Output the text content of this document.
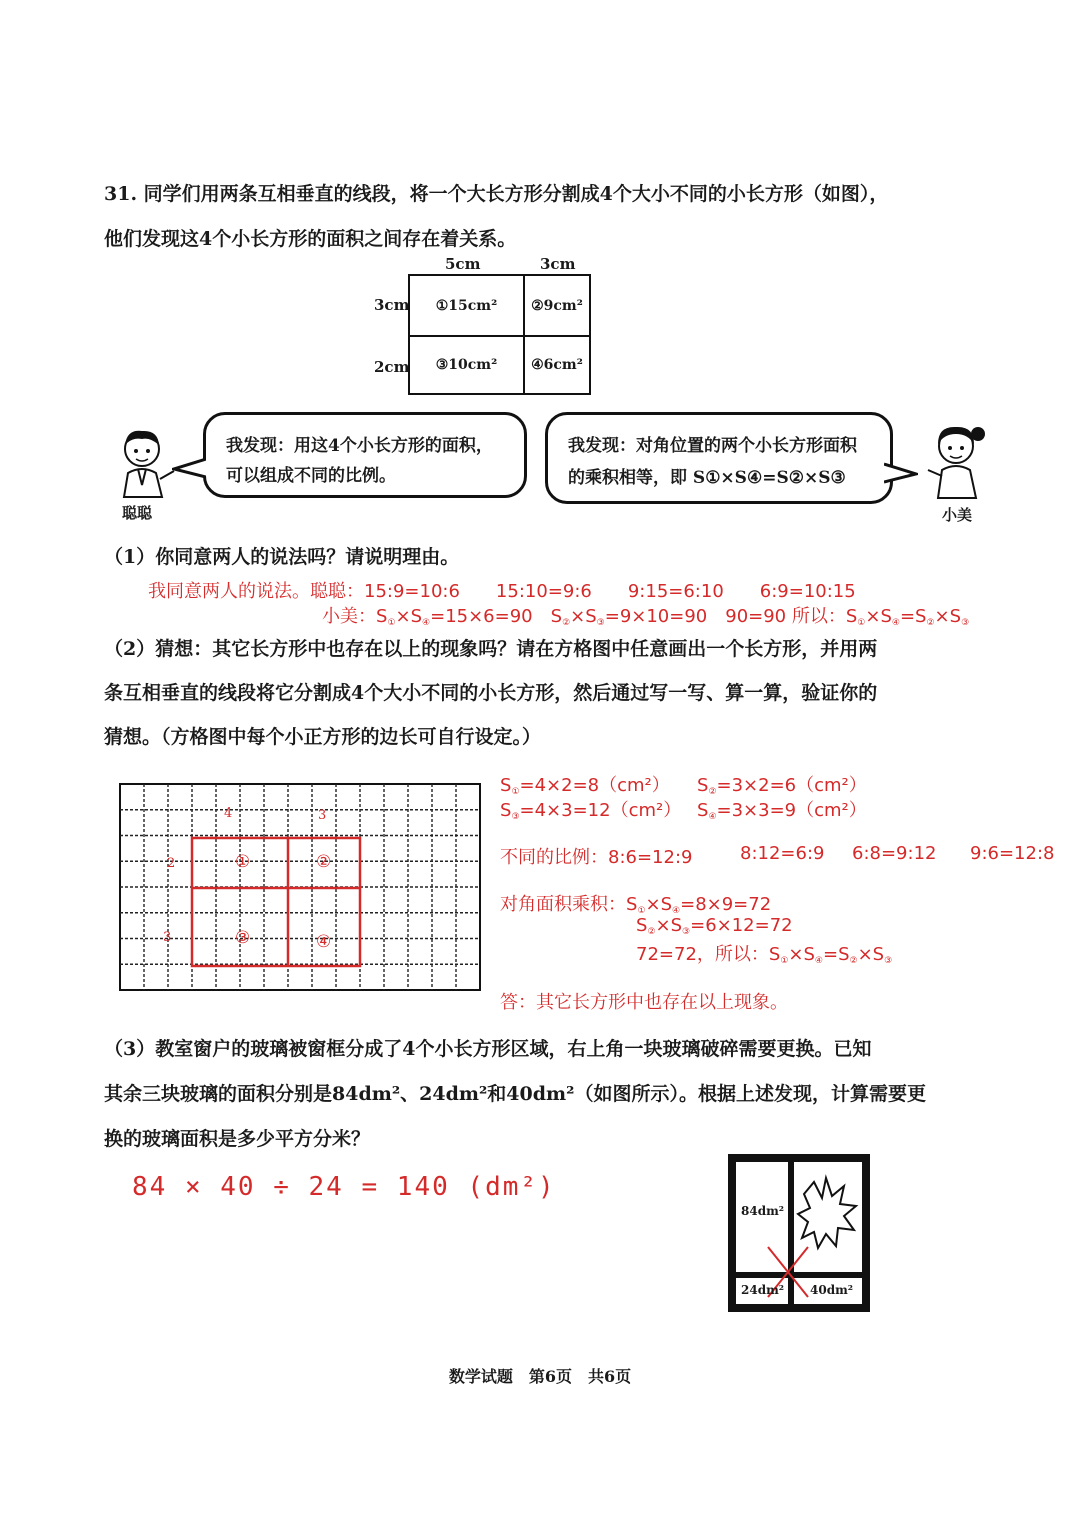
31. 同学们用两条互相垂直的线段，将一个大长方形分割成4个大小不同的小长方形（如图），
他们发现这4个小长方形的面积之间存在着关系。
5cm	3cm
3cm
2cm
①15cm²	②9cm²
③10cm²	④6cm²
聪聪
我发现：用这4个小长方形的面积，
可以组成不同的比例。
我发现：对角位置的两个小长方形面积
的乘积相等，即 S①×S④=S②×S③
小美
（1）你同意两人的说法吗？请说明理由。
我同意两人的说法。聪聪：15:9=10:6　　15:10=9:6　　9:15=6:10　　6:9=10:15
小美：$S_①\times S_④=15\times 6=90$　$S_②\times S_③=9\times 10=90$　90=90 所以：$S_①\times S_④=S_②\times S_③$
（2）猜想：其它长方形中也存在以上的现象吗？请在方格图中任意画出一个长方形，并用两
条互相垂直的线段将它分割成4个大小不同的小长方形，然后通过写一写、算一算，验证你的
猜想。（方格图中每个小正方形的边长可自行设定。）
4	3
2
3
①	②
③	④
$S_①=4\times 2=8(cm^2)$ $S_②=3\times 2=6(cm^2)$
$S_③=4\times 3=12(cm^2)$ $S_④=3\times 3=9(cm^2)$
不同的比例：8:6=12:9	8:12=6:9 6:8=9:12 9:6=12:8
对角面积乘积：$S_①\times S_④=8\times 9=72$
$S_②\times S_③=6\times 12=72$
72=72，所以：$S_①\times S_④=S_②\times S_③$
答：其它长方形中也存在以上现象。
（3）教室窗户的玻璃被窗框分成了4个小长方形区域，右上角一块玻璃破碎需要更换。已知
其余三块玻璃的面积分别是84dm²、24dm²和40dm²（如图所示）。根据上述发现，计算需要更
换的玻璃面积是多少平方分米？
84 × 40 ÷ 24 = 140 (dm²)
84dm²
24dm² 40dm²
数学试题　第6页　共6页
